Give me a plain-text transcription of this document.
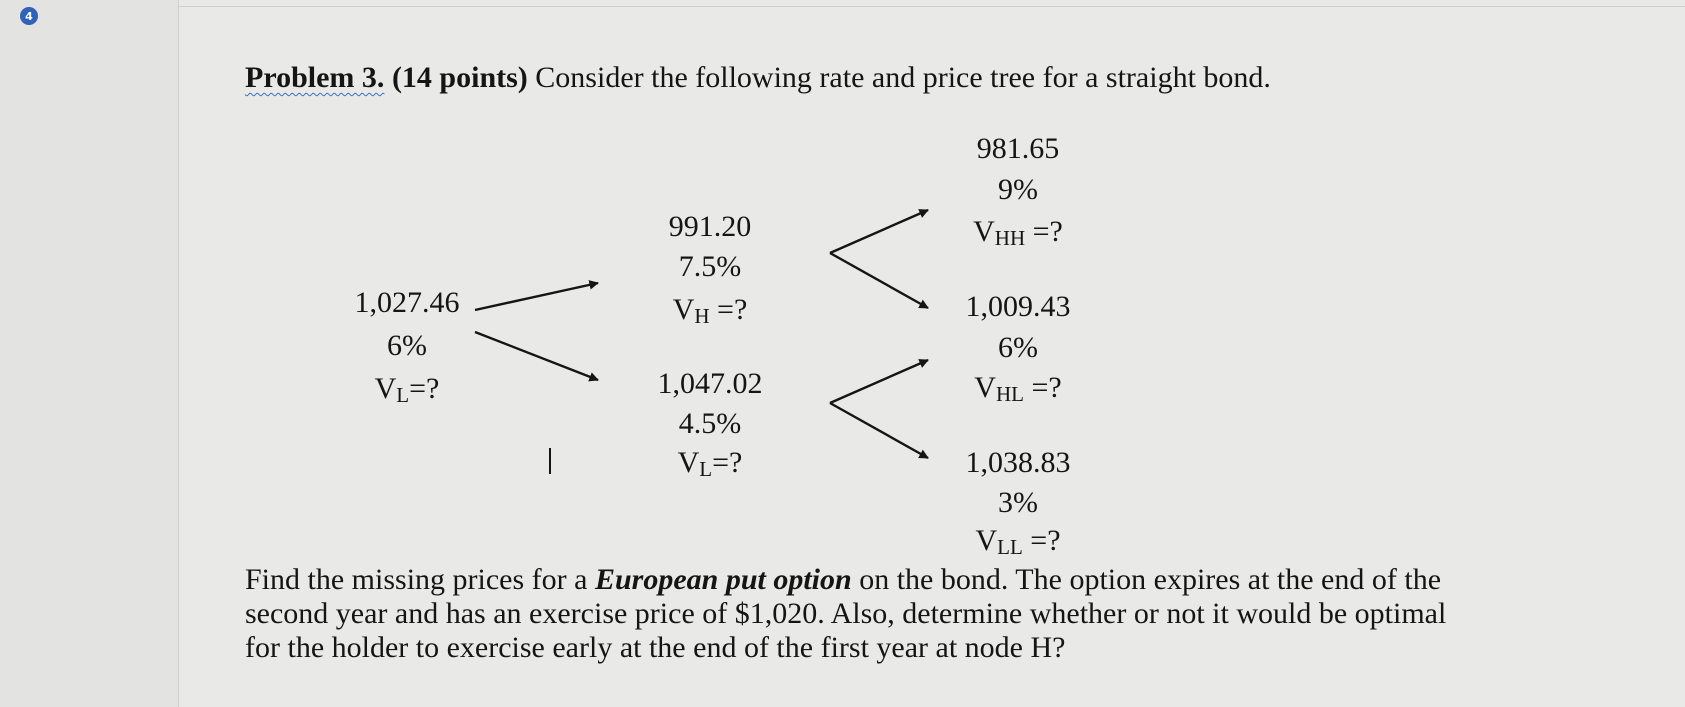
4
Problem 3. (14 points) Consider the following rate and price tree for a straight bond.
1,027.46
6%
$V_L=$?
991.20
7.5%
$V_H$ =?
1,047.02
4.5%
$V_L=$?
981.65
9%
$V_{HH}$ =?
1,009.43
6%
$V_{HL}$ =?
1,038.83
3%
$V_{LL}$ =?
Find the missing prices for a European put option on the bond. The option expires at the end of the second year and has an exercise price of $1,020. Also, determine whether or not it would be optimal for the holder to exercise early at the end of the first year at node H?
